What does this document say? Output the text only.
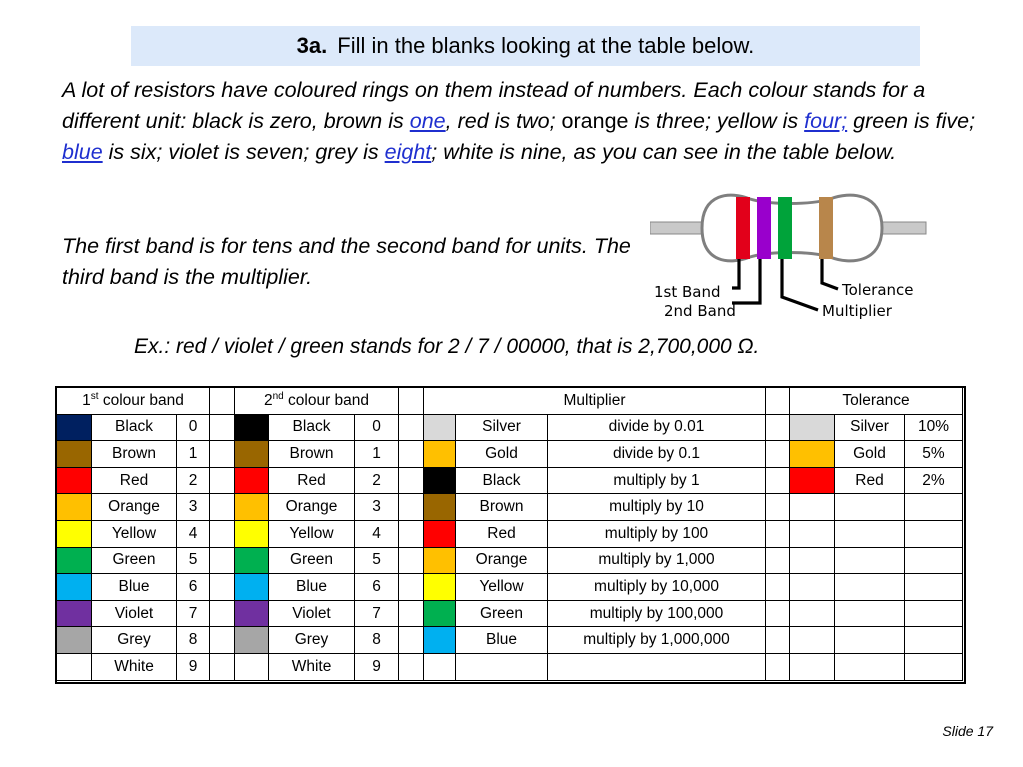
3a. Fill in the blanks looking at the table below.
A lot of resistors have coloured rings on them instead of numbers. Each colour stands for a different unit: black is zero, brown is one, red is two; orange is three; yellow is four; green is five; blue is six; violet is seven; grey is eight; white is nine, as you can see in the table below.
The first band is for tens and the second band for units. The third band is the multiplier.
1st Band
2nd Band
Tolerance
Multiplier
Ex.: red / violet / green stands for 2 / 7 / 00000, that is 2,700,000 Ω.
1st colour band				2nd colour band				Multiplier				Tolerance		
	Black	0			Black	0			Silver	divide by 0.01			Silver	10%
	Brown	1			Brown	1			Gold	divide by 0.1			Gold	5%
	Red	2			Red	2			Black	multiply by 1			Red	2%
	Orange	3			Orange	3			Brown	multiply by 10				
	Yellow	4			Yellow	4			Red	multiply by 100				
	Green	5			Green	5			Orange	multiply by 1,000				
	Blue	6			Blue	6			Yellow	multiply by 10,000				
	Violet	7			Violet	7			Green	multiply by 100,000				
	Grey	8			Grey	8			Blue	multiply by 1,000,000				
	White	9			White	9								
Slide 17
